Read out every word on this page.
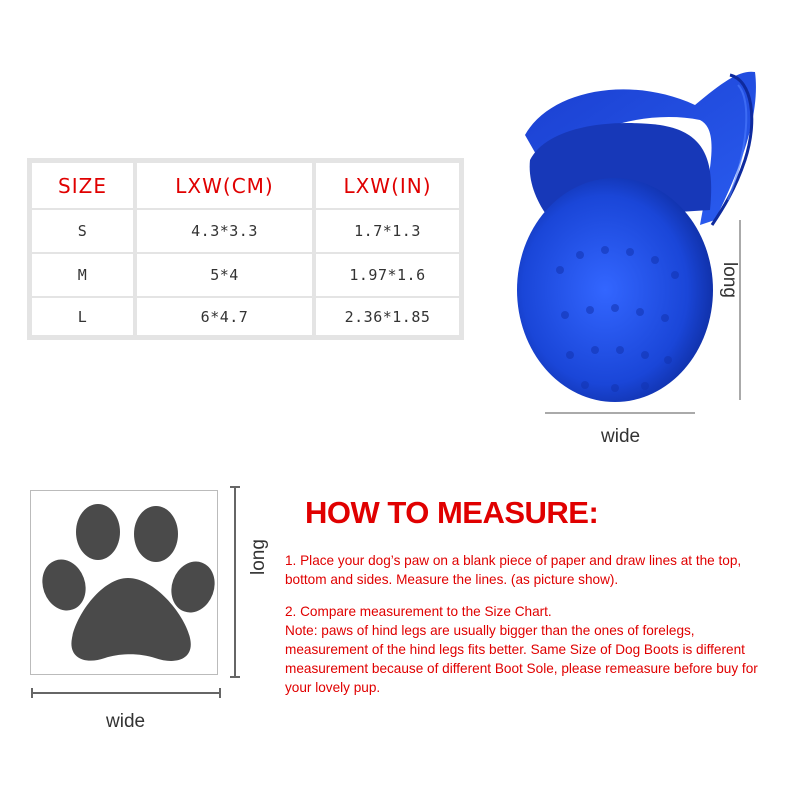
SIZE	LXW(CM)	LXW(IN)
S	4.3*3.3	1.7*1.3
M	5*4	1.97*1.6
L	6*4.7	2.36*1.85
long
wide
long
wide
HOW TO MEASURE:
1. Place your dog’s paw on a blank piece of paper and draw lines at the top,
bottom and sides. Measure the lines. (as picture show).
2. Compare measurement to the Size Chart.
Note: paws of hind legs are usually bigger than the ones of forelegs,
measurement of the hind legs fits better. Same Size of Dog Boots is different
measurement because of different Boot Sole, please remeasure before buy for
your lovely pup.
